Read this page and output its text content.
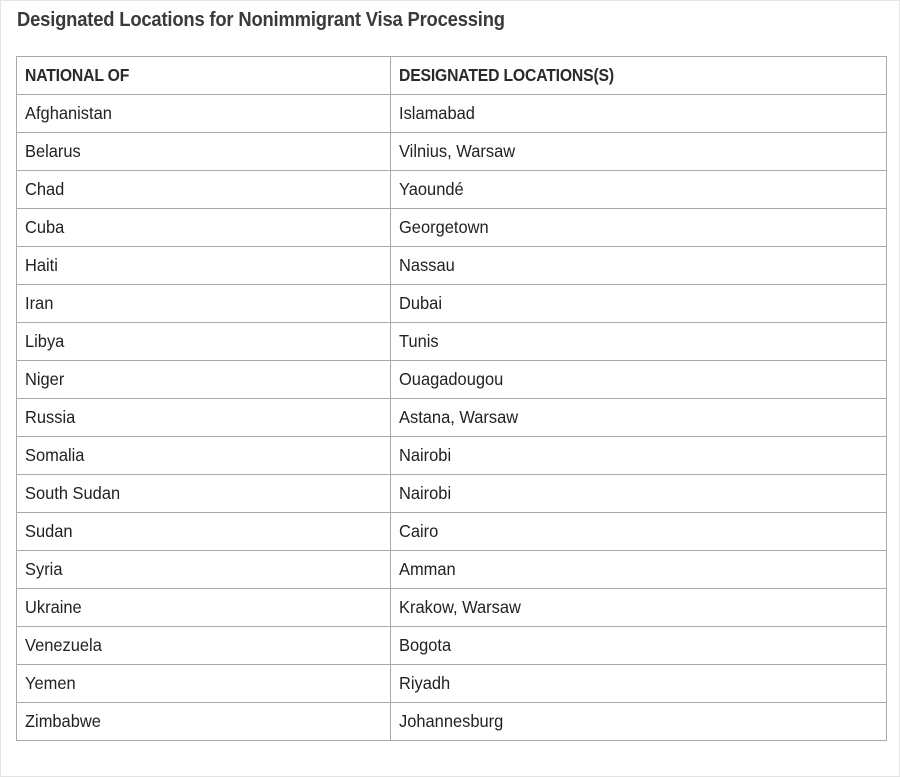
Designated Locations for Nonimmigrant Visa Processing
NATIONAL OF	DESIGNATED LOCATIONS(S)
Afghanistan	Islamabad
Belarus	Vilnius, Warsaw
Chad	Yaoundé
Cuba	Georgetown
Haiti	Nassau
Iran	Dubai
Libya	Tunis
Niger	Ouagadougou
Russia	Astana, Warsaw
Somalia	Nairobi
South Sudan	Nairobi
Sudan	Cairo
Syria	Amman
Ukraine	Krakow, Warsaw
Venezuela	Bogota
Yemen	Riyadh
Zimbabwe	Johannesburg
